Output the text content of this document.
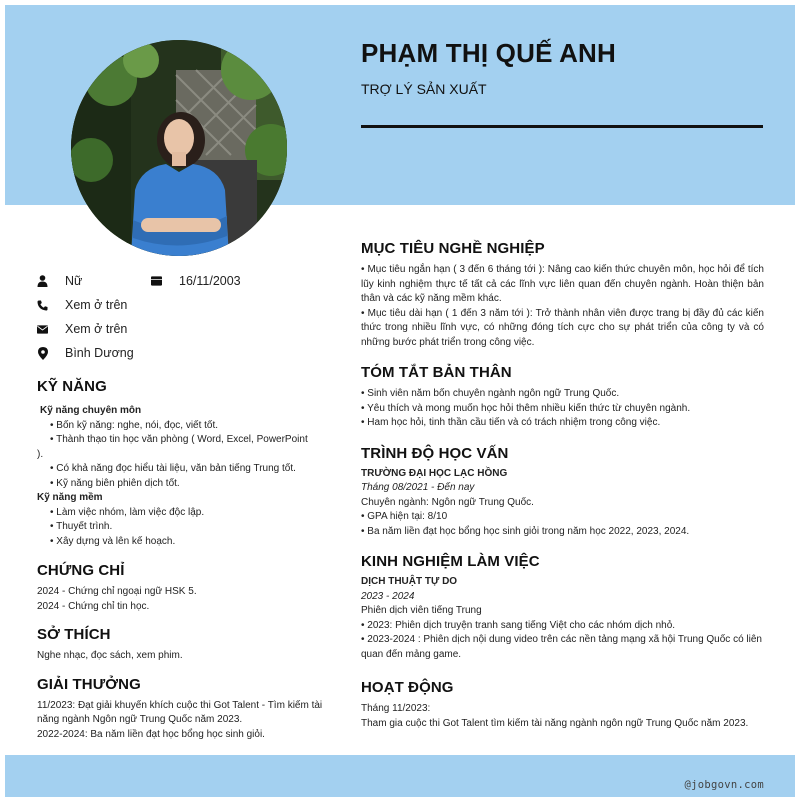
@jobgovn.com
PHẠM THỊ QUẾ ANH
TRỢ LÝ SẢN XUẤT
Nữ	16/11/2003
Xem ở trên
Xem ở trên
Bình Dương
KỸ NĂNG
Kỹ năng chuyên môn
• Bốn kỹ năng: nghe, nói, đọc, viết tốt.
• Thành thạo tin học văn phòng ( Word, Excel, PowerPoint
).
• Có khả năng đọc hiểu tài liệu, văn bản tiếng Trung tốt.
• Kỹ năng biên phiên dịch tốt.
Kỹ năng mềm
• Làm việc nhóm, làm việc độc lập.
• Thuyết trình.
• Xây dựng và lên kế hoạch.
CHỨNG CHỈ
2024 - Chứng chỉ ngoại ngữ HSK 5.
2024 - Chứng chỉ tin học.
SỞ THÍCH
Nghe nhạc, đọc sách, xem phim.
GIẢI THƯỞNG
11/2023: Đạt giải khuyến khích cuộc thi Got Talent - Tìm kiếm tài năng ngành Ngôn ngữ Trung Quốc năm 2023.
2022-2024: Ba năm liền đạt học bổng học sinh giỏi.
MỤC TIÊU NGHỀ NGHIỆP
• Mục tiêu ngắn hạn ( 3 đến 6 tháng tới ): Nâng cao kiến thức chuyên môn, học hỏi để tích lũy kinh nghiệm thực tế tất cả các lĩnh vực liên quan đến chuyên ngành. Hoàn thiện bản thân và các kỹ năng mềm khác.
• Mục tiêu dài hạn ( 1 đến 3 năm tới ): Trở thành nhân viên được trang bị đầy đủ các kiến thức trong nhiều lĩnh vực, có những đóng tích cực cho sự phát triển của công ty và có những bước phát triển trong công việc.
TÓM TẮT BẢN THÂN
• Sinh viên năm bốn chuyên ngành ngôn ngữ Trung Quốc.
• Yêu thích và mong muốn học hỏi thêm nhiều kiến thức từ chuyên ngành.
• Ham học hỏi, tinh thần cầu tiến và có trách nhiệm trong công việc.
TRÌNH ĐỘ HỌC VẤN
TRƯỜNG ĐẠI HỌC LẠC HỒNG
Tháng 08/2021 - Đến nay
Chuyên ngành: Ngôn ngữ Trung Quốc.
• GPA hiện tại: 8/10
• Ba năm liền đạt học bổng học sinh giỏi trong năm học 2022, 2023, 2024.
KINH NGHIỆM LÀM VIỆC
DỊCH THUẬT TỰ DO
2023 - 2024
Phiên dịch viên tiếng Trung
• 2023: Phiên dịch truyện tranh sang tiếng Việt cho các nhóm dịch nhỏ.
• 2023-2024 : Phiên dịch nội dung video trên các nền tảng mạng xã hội Trung Quốc có liên quan đến mảng game.
HOẠT ĐỘNG
Tháng 11/2023:
Tham gia cuộc thi Got Talent tìm kiếm tài năng ngành ngôn ngữ Trung Quốc năm 2023.
